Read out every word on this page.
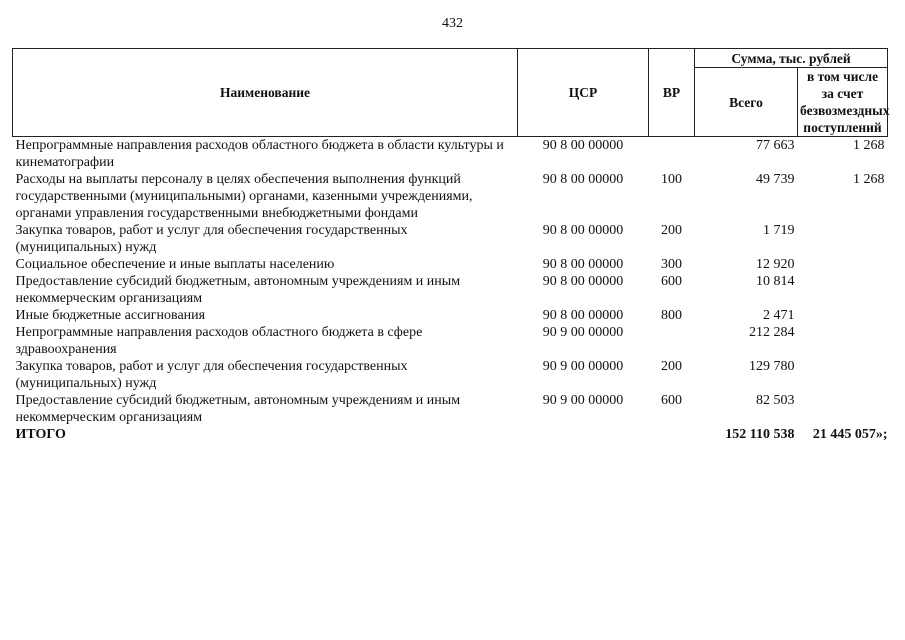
432
Наименование	ЦСР	ВР	Сумма, тыс. рублей	
			Всего	в том числе за счет безвозмездных поступлений
Непрограммные направления расходов областного бюджета в области культуры и кинематографии	90 8 00 00000		77 663	1 268
Расходы на выплаты персоналу в целях обеспечения выполнения функций государственными (муниципальными) органами, казенными учреждениями, органами управления государственными внебюджетными фондами	90 8 00 00000	100	49 739	1 268
Закупка товаров, работ и услуг для обеспечения государственных (муниципальных) нужд	90 8 00 00000	200	1 719	
Социальное обеспечение и иные выплаты населению	90 8 00 00000	300	12 920	
Предоставление субсидий бюджетным, автономным учреждениям и иным некоммерческим организациям	90 8 00 00000	600	10 814	
Иные бюджетные ассигнования	90 8 00 00000	800	2 471	
Непрограммные направления расходов областного бюджета в сфере здравоохранения	90 9 00 00000		212 284	
Закупка товаров, работ и услуг для обеспечения государственных (муниципальных) нужд	90 9 00 00000	200	129 780	
Предоставление субсидий бюджетным, автономным учреждениям и иным некоммерческим организациям	90 9 00 00000	600	82 503	
ИТОГО			152 110 538	21 445 057»;
